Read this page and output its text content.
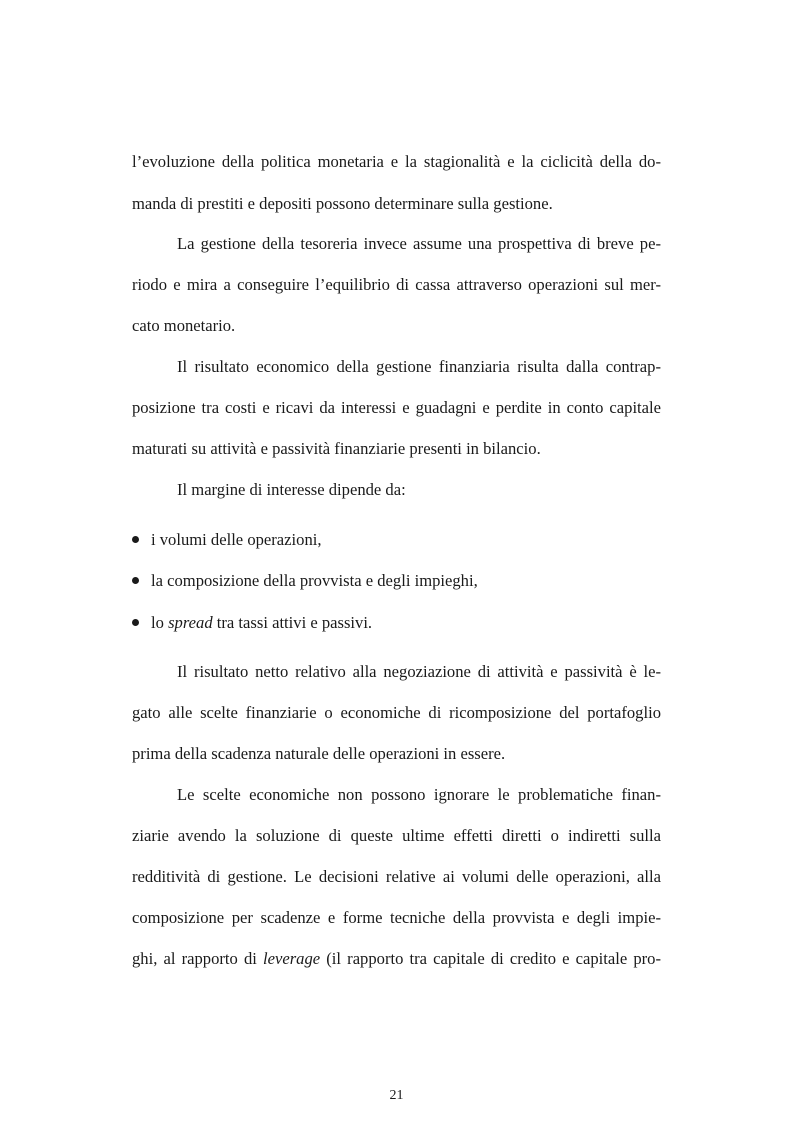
l’evoluzione della politica monetaria e la stagionalità e la ciclicità della do-
manda di prestiti e depositi possono determinare sulla gestione.
La gestione della tesoreria invece assume una prospettiva di breve pe-
riodo e mira a conseguire l’equilibrio di cassa attraverso operazioni sul mer-
cato monetario.
Il risultato economico della gestione finanziaria risulta dalla contrap-
posizione tra costi e ricavi da interessi e guadagni e perdite in conto capitale
maturati su attività e passività finanziarie presenti in bilancio.
Il margine di interesse dipende da:
i volumi delle operazioni,
la composizione della provvista e degli impieghi,
lo spread tra tassi attivi e passivi.
Il risultato netto relativo alla negoziazione di attività e passività è le-
gato alle scelte finanziarie o economiche di ricomposizione del portafoglio
prima della scadenza naturale delle operazioni in essere.
Le scelte economiche non possono ignorare le problematiche finan-
ziarie avendo la soluzione di queste ultime effetti diretti o indiretti sulla
redditività di gestione. Le decisioni relative ai volumi delle operazioni, alla
composizione per scadenze e forme tecniche della provvista e degli impie-
ghi, al rapporto di leverage (il rapporto tra capitale di credito e capitale pro-
21
